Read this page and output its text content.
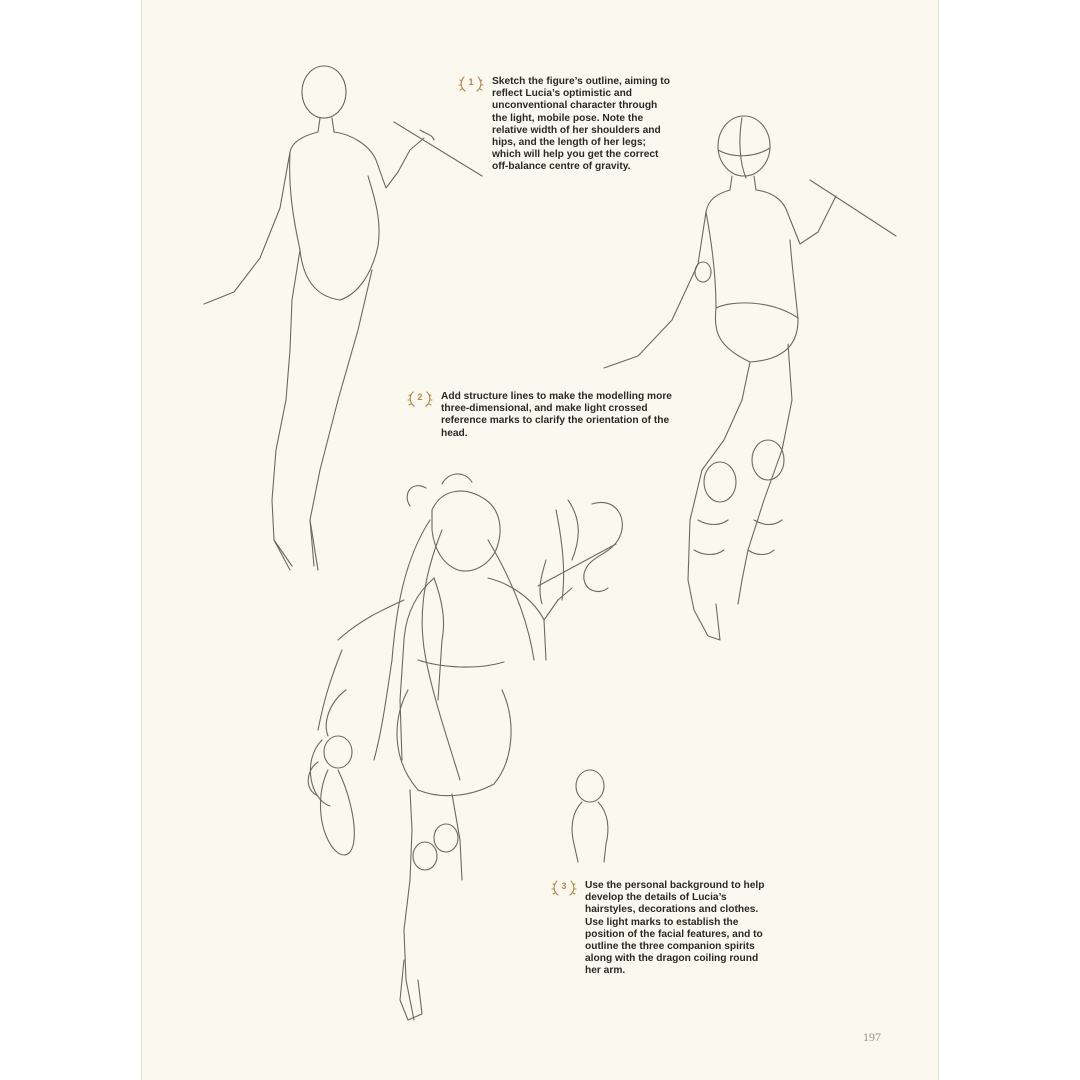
1	Sketch the figure’s outline, aiming to reflect Lucia’s optimistic and unconventional character through the light, mobile pose. Note the relative width of her shoulders and hips, and the length of her legs; which will help you get the correct off-balance centre of gravity.
2	Add structure lines to make the modelling more three-dimensional, and make light crossed reference marks to clarify the orientation of the head.
3	Use the personal background to help develop the details of Lucia’s hairstyles, decorations and clothes. Use light marks to establish the position of the facial features, and to outline the three companion spirits along with the dragon coiling round her arm.
197
